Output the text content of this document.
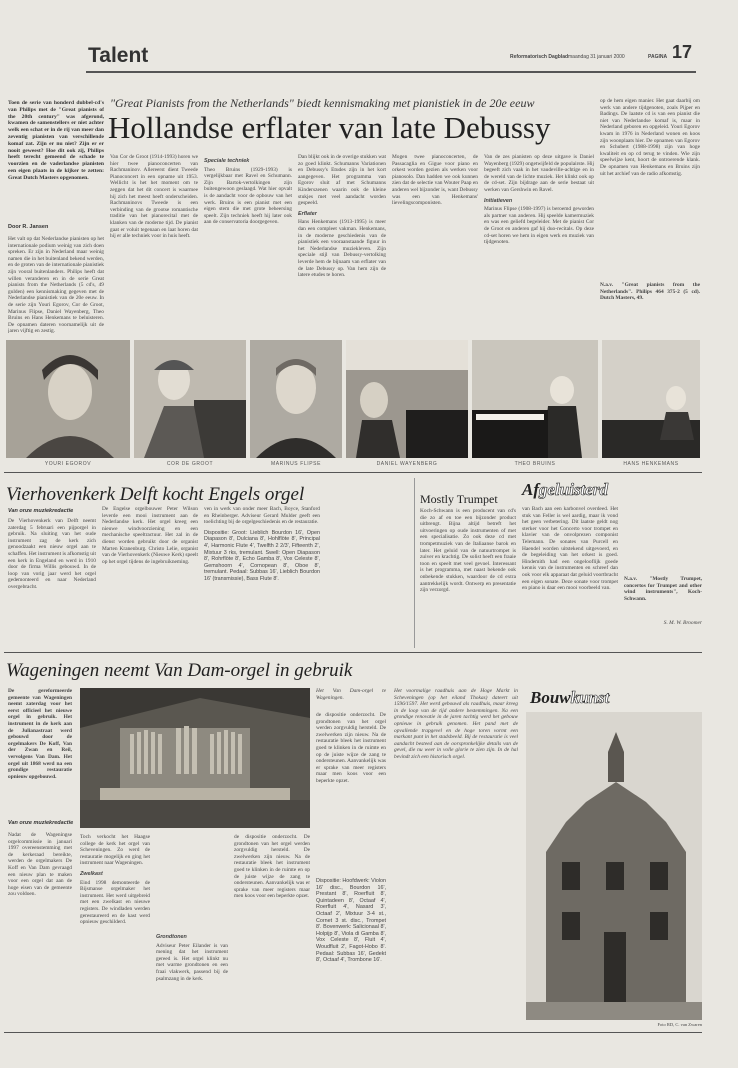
Talent	Reformatorisch Dagblad maandag 31 januari 2000	PAGINA 17
Toen de serie van honderd dubbel-cd's van Philips met de "Great pianists of the 20th century" was afgerond, kwamen de samenstellers er niet achter welk een schat er in de rij van meer dan zeventig pianisten van verschillende komaf zat. Zijn er nu niet? Zijn er er nooit geweest? Hoe dit ook zij, Philips heeft terecht gemeend de schade te voorzien en de vaderlandse pianisten een eigen plaats in de kijker te zetten: Great Dutch Masters opgenomen.
Door R. Jansen
Het valt op dat Nederlandse pianisten op het internationale podium weinig van zich doen spreken. Er zijn in Nederland maar weinig namen die in het buitenland bekend werden, en de groten van de internationale pianistiek zijn vooral buitenlanders. Philips heeft dat willen veranderen en in de serie Great pianists from the Netherlands (5 cd's, 49 gulden) een kennismaking gegeven met de Nederlandse pianistiek van de 20e eeuw. In de serie zijn Youri Egorov, Cor de Groot, Marinus Flipse, Daniel Wayenberg, Theo Bruins en Hans Henkemans te beluisteren. De opnamen dateren voornamelijk uit de jaren vijftig en zestig.
"Great Pianists from the Netherlands" biedt kennismaking met pianistiek in de 20e eeuw
Hollandse erflater van late Debussy
Van Cor de Groot (1914-1993) horen we hier twee pianoconcerten van Rachmaninov. Allereerst dient Tweede Pianoconcert in een opname uit 1953. Wellicht is het het moment om te zeggen dat het dit concert is waarmee hij zich het meest heeft onderscheiden. Rachmaninovs Tweede is een verbinding van de grootse romantische traditie van het pianorecital met de klanken van de moderne tijd. De pianist gaat er voluit tegenaan en laat horen dat hij er alle techniek voor in huis heeft.
Speciale techniek
Theo Bruins (1929-1993) is vergelijkbaar met Ravel en Schumann. Zijn Bartok-vertolkingen zijn buitengewoon geslaagd. Wat hier opvalt is de aandacht voor de opbouw van het werk. Bruins is een pianist met een eigen stem die met grote beheersing speelt. Zijn techniek heeft hij later ook aan de conservatoria doorgegeven.
Dan blijkt ook in de overige stukken wat zo goed klinkt. Schumanns Variationen en Debussy's Etudes zijn in het kort aangegeven. Het programma van Egorov sluit af met Schumanns Kinderszenen waarin ook de kleine stukjes met veel aandacht worden gespeeld.
Erflater
Hans Henkemans (1913-1995) is meer dan een compleet vakman. Henkemans, in de moderne geschiedenis van de pianistiek een vooraanstaande figuur in het Nederlandse muziekleven. Zijn speciale stijl van Debussy-vertolking leverde hem de bijnaam van erflater van de late Debussy op. Van hem zijn de latere etudes te horen.
Mogen twee pianoconcerten, de Passacaglia en Gigue voor piano en orkest worden gezien als werken voor pianosolo. Dan hadden we ook kunnen zien dat de selectie van Wouter Paap en anderen wel bijzonder is, want Debussy was een van Henkemans' lievelingscomponisten.
Van de zes pianisten op deze uitgave is Daniel Wayenberg (1929) ongetwijfeld de populairste. Hij begeeft zich vaak in het vaudeville-achtige en in de wereld van de lichte muziek. Het klinkt ook op de cd-set. Zijn bijdrage aan de serie bestaat uit werken van Gershwin en Ravel.
Initiatieven
Marinus Flipse (1908-1997) is beroemd geworden als partner van anderen. Hij speelde kamermuziek en was een geliefd begeleider. Met de pianist Cor de Groot en anderen gaf hij duo-recitals. Op deze cd-set horen we hem in eigen werk en muziek van tijdgenoten.
op de hem eigen manier. Het gaat daarbij om werk van andere tijdgenoten, zoals Pijper en Badings. De laatste cd is van een pianist die niet van Nederlandse komaf is, maar in Nederland geboren en opgeleid. Youri Egorov kwam in 1976 in Nederland wonen en koos zijn woonplaats hier. De opnamen van Egorov en Schubert (1988-1998) zijn van hoge kwaliteit en op cd terug te vinden. Wie zijn speelwijze kent, hoort de ontroerende klank. De opnamen van Henkemans en Bruins zijn uit het archief van de radio afkomstig.
N.a.v. "Great pianists from the Netherlands". Philips 464 375-2 (5 cd). Dutch Masters, 49.
YOURI EGOROV	COR DE GROOT	MARINUS FLIPSE	DANIEL WAYENBERG	THEO BRUINS	HANS HENKEMANS
Vierhovenkerk Delft kocht Engels orgel
Van onze muziekredactie
De Vierhovenkerk van Delft neemt zaterdag 5 februari een pijporgel in gebruik. Na sluiting van het oude instrument zag de kerk zich genoodzaakt een nieuw orgel aan te schaffen. Het instrument is afkomstig uit een kerk in Engeland en werd in 1910 door de firma Willis gebouwd. In de loop van vorig jaar werd het orgel gedemonteerd en naar Nederland overgebracht.
De Engelse orgelbouwer Peter Wilson leverde een mooi instrument aan de Nederlandse kerk. Het orgel kreeg een nieuwe windvoorziening en een mechanische speeltractuur. Het zal in de dienst worden gebruikt door de organist Marten Kranenburg. Christo Lelie, organist van de Vierhovenkerk (Nieuwe Kerk) speelt op het orgel tijdens de ingebruikneming.
ven in werk van onder meer Bach, Boyce, Stanford en Rheinberger. Adviseur Gerard Mulder geeft een toelichting bij de orgelgeschiedenis en de restauratie.
Dispositie: Groot: Lieblich Bourdon 16', Open Diapason 8', Dulciana 8', Hohlflöte 8', Principal 4', Harmonic Flute 4', Twelfth 2 2/3', Fifteenth 2', Mixtuur 3 rks, tremulant. Swell: Open Diapason 8', Rohrflöte 8', Echo Gamba 8', Vox Celeste 8', Gemshoorn 4', Cornopean 8', Oboe 8', tremulant. Pedaal: Subbas 16', Lieblich Bourdon 16' (transmissie), Bass Flute 8'.
Mostly Trumpet
Koch-Schwann is een producent van cd's die zo af en toe een bijzonder product uitbrengt. Bijna altijd betreft het uitvoeringen op oude instrumenten of met een specialisatie. Zo ook deze cd met trompetmuziek van de Italiaanse barok en later. Het geluid van de natuurtrompet is zuiver en krachtig. De solist heeft een fraaie toon en speelt met veel gevoel. Interessant is het programma, met naast bekende ook onbekende stukken, waardoor de cd extra aantrekkelijk wordt. Ontwerp en presentatie zijn verzorgd.
Afgeluisterd
van Bach aan een karbonvel overdeed. Het stuk van Feller is wel aardig, maar ik vond het geen verbetering. Dit laatste geldt nog sterker voor het Concerto voor trompet en klavier van de onvolprezen componist Telemann. De sonates van Purcell en Haendel worden uitstekend uitgevoerd, en de begeleiding van het orkest is goed. Hindemith had een ongelooflijk goede kennis van de instrumenten en schreef dan ook voor elk apparaat dat geluid voortbracht een eigen sonate. Deze sonate voor trompet en piano is daar een mooi voorbeeld van.
N.a.v. "Mostly Trumpet, concertos for Trumpet and other wind instruments", Koch-Schwann.
S. M. W. Broomer
Wageningen neemt Van Dam-orgel in gebruik
De gereformeerde gemeente van Wageningen neemt zaterdag voor het eerst officieel het nieuwe orgel in gebruik. Het instrument in de kerk aan de Julianastraat werd gebouwd door de orgelmakers De Koff, Van der Zwan en Reil, vervolgens Van Dam. Het orgel uit 1868 werd na een grondige restauratie opnieuw opgebouwd.
Van onze muziekredactie
Nadat de Wageningse orgelcommissie in januari 1997 overeenstemming met de kerkeraad bereikte, werden de orgelmakers De Koff en Van Dam gevraagd een nieuw plan te maken voor een orgel dat aan de hoge eisen van de gemeente zou voldoen.
Toch verkocht het Haagse college de kerk het orgel van Scheveningen. Zo werd de restauratie mogelijk en ging het instrument naar Wageningen.
Zwelkast
Eind 1998 demonteerde de Bijsmanse orgelmaker het instrument. Het werd uitgebreid met een zwelkast en nieuwe registers. De windladen werden gerestaureerd en de kast werd opnieuw geschilderd.
Grondtonen
Adviseur Peter Eilander is van mening dat het instrument gereed is. Het orgel klinkt nu met warme grondtonen en een fraai vlakwerk, passend bij de psalmzang in de kerk.
de dispositie onderzocht. De grondtonen van het orgel werden zorgvuldig hersteld. De zwelwerken zijn nieuw. Na de restauratie bleek het instrument goed te klinken in de ruimte en op de juiste wijze de zang te ondersteunen. Aanvankelijk was er sprake van meer registers maar men koos voor een beperkte opzet.
Het Van Dam-orgel te Wageningen.
de dispositie onderzocht. De grondtonen van het orgel werden zorgvuldig hersteld. De zwelwerken zijn nieuw. Na de restauratie bleek het instrument goed te klinken in de ruimte en op de juiste wijze de zang te ondersteunen. Aanvankelijk was er sprake van meer registers maar men koos voor een beperkte opzet.
Dispositie: Hoofdwerk: Violon 16' disc., Bourdon 16', Prestant 8', Roerfluit 8', Quintadeen 8', Octaaf 4', Roerfluit 4', Nasard 3', Octaaf 2', Mixtuur 3-4 st., Cornet 3 st. disc., Trompet 8'. Bovenwerk: Salicionaal 8', Holpijp 8', Viola di Gamba 8', Vox Celeste 8', Fluit 4', Woudfluit 2', Fagot-Hobo 8'. Pedaal: Subbas 16', Gedekt 8', Octaaf 4', Trombone 16'.
Bouwkunst
Het voormalige raadhuis aan de Hoge Markt in Scheveningen (op het eiland Thokas) dateert uit 1596/1597. Het werd gebouwd als raadhuis, maar kreeg in de loop van de tijd andere bestemmingen. Na een grondige renovatie in de jaren tachtig werd het gebouw opnieuw in gebruik genomen. Het pand met de opvallende trapgevel en de hoge toren vormt een markant punt in het stadsbeeld. Bij de restauratie is veel aandacht besteed aan de oorspronkelijke details van de gevel, die nu weer in volle glorie te zien zijn. In de hal bevindt zich een historisch orgel.
Foto RD, C. van Zwaren
